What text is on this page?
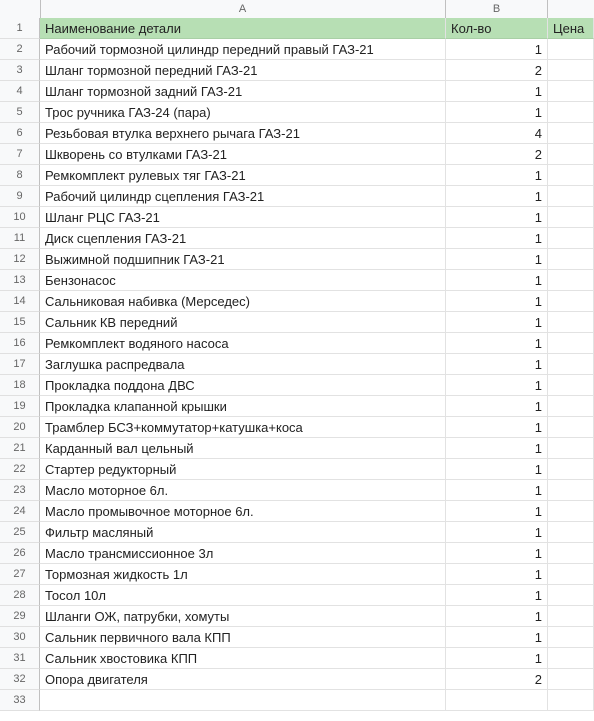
A	B
1	Наименование детали	Кол-во	Цена
2	Рабочий тормозной цилиндр передний правый ГАЗ-21	1
3	Шланг тормозной передний ГАЗ-21	2
4	Шланг тормозной задний ГАЗ-21	1
5	Трос ручника ГАЗ-24 (пара)	1
6	Резьбовая втулка верхнего рычага ГАЗ-21	4
7	Шкворень со втулками ГАЗ-21	2
8	Ремкомплект рулевых тяг ГАЗ-21	1
9	Рабочий цилиндр сцепления ГАЗ-21	1
10	Шланг РЦС ГАЗ-21	1
11	Диск сцепления ГАЗ-21	1
12	Выжимной подшипник ГАЗ-21	1
13	Бензонасос	1
14	Сальниковая набивка (Мерседес)	1
15	Сальник КВ передний	1
16	Ремкомплект водяного насоса	1
17	Заглушка распредвала	1
18	Прокладка поддона ДВС	1
19	Прокладка клапанной крышки	1
20	Трамблер БСЗ+коммутатор+катушка+коса	1
21	Карданный вал цельный	1
22	Стартер редукторный	1
23	Масло моторное 6л.	1
24	Масло промывочное моторное 6л.	1
25	Фильтр масляный	1
26	Масло трансмиссионное 3л	1
27	Тормозная жидкость 1л	1
28	Тосол 10л	1
29	Шланги ОЖ, патрубки, хомуты	1
30	Сальник первичного вала КПП	1
31	Сальник хвостовика КПП	1
32	Опора двигателя	2
33
